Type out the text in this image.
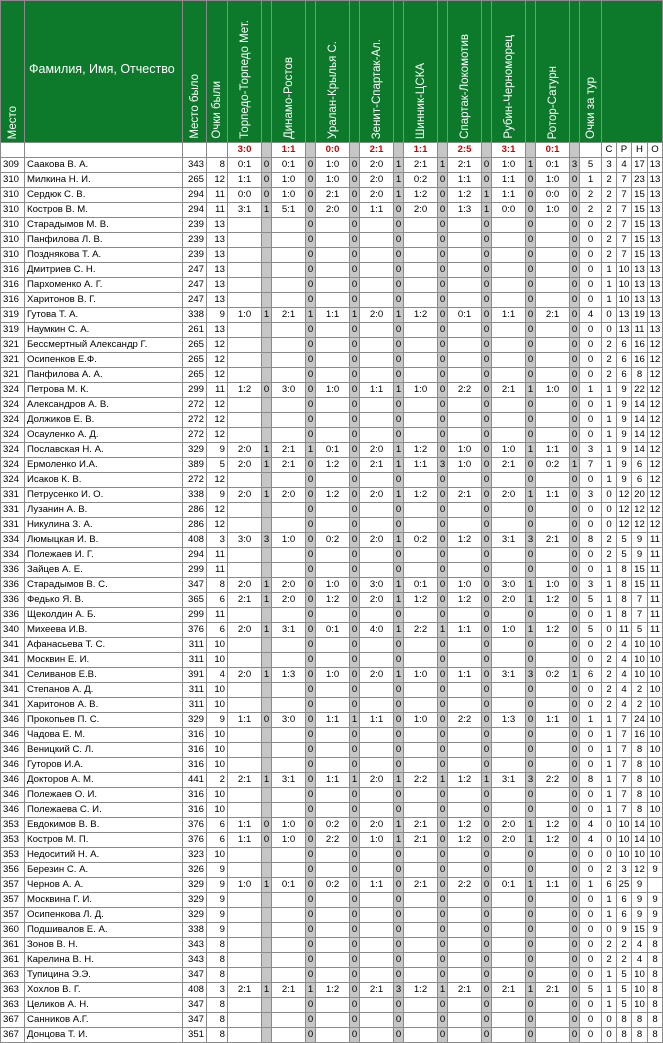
Место	Фамилия, Имя, Отчество	Место было	Очки были	Торпедо-Торпедо Мет.		Динамо-Ростов		Уралан-Крылья С.		Зенит-Спартак-Ал.		Шинник-ЦСКА		Спартак-Локомотив		Рубин-Черноморец		Ротор-Сатурн		Очки за тур				

				3:0		1:1		0:0		2:1		1:1		2:5		3:1		0:1			С	Р	Н	О
309	Саакова В. А.	343	8	0:1	0	0:1	0	1:0	0	2:0	1	2:1	1	2:1	0	1:0	1	0:1	3	5	3	4	17	13
310	Милкина Н. И.	265	12	1:1	0	1:0	0	1:0	0	2:0	1	0:2	0	1:1	0	1:1	0	1:0	0	1	2	7	23	13
310	Сердюк С. В.	294	11	0:0	0	1:0	0	2:1	0	2:0	1	1:2	0	1:2	1	1:1	0	0:0	0	2	2	7	15	13
310	Костров В. М.	294	11	3:1	1	5:1	0	2:0	0	1:1	0	2:0	0	1:3	1	0:0	0	1:0	0	2	2	7	15	13
310	Старадымов М. В.	239	13				0		0		0		0		0		0		0	0	2	7	15	13
310	Панфилова Л. В.	239	13				0		0		0		0		0		0		0	0	2	7	15	13
310	Позднякова Т. А.	239	13				0		0		0		0		0		0		0	0	2	7	15	13
316	Дмитриев С. Н.	247	13				0		0		0		0		0		0		0	0	1	10	13	13
316	Пархоменко А. Г.	247	13				0		0		0		0		0		0		0	0	1	10	13	13
316	Харитонов В. Г.	247	13				0		0		0		0		0		0		0	0	1	10	13	13
319	Гутова Т. А.	338	9	1:0	1	2:1	1	1:1	1	2:0	1	1:2	0	0:1	0	1:1	0	2:1	0	4	0	13	19	13
319	Наумкин С. А.	261	13				0		0		0		0		0		0		0	0	0	13	11	13
321	Бессмертный Александр Г.	265	12				0		0		0		0		0		0		0	0	2	6	16	12
321	Осипенков Е.Ф.	265	12				0		0		0		0		0		0		0	0	2	6	16	12
321	Панфилова А. А.	265	12				0		0		0		0		0		0		0	0	2	6	8	12
324	Петрова М. К.	299	11	1:2	0	3:0	0	1:0	0	1:1	1	1:0	0	2:2	0	2:1	1	1:0	0	1	1	9	22	12
324	Александров А. В.	272	12				0		0		0		0		0		0		0	0	1	9	14	12
324	Должиков Е. В.	272	12				0		0		0		0		0		0		0	0	1	9	14	12
324	Осауленко А. Д.	272	12				0		0		0		0		0		0		0	0	1	9	14	12
324	Пославская Н. А.	329	9	2:0	1	2:1	1	0:1	0	2:0	1	1:2	0	1:0	0	1:0	1	1:1	0	3	1	9	14	12
324	Ермоленко И.А.	389	5	2:0	1	2:1	0	1:2	0	2:1	1	1:1	3	1:0	0	2:1	0	0:2	1	7	1	9	6	12
324	Исаков К. В.	272	12				0		0		0		0		0		0		0	0	1	9	6	12
331	Петрусенко И. О.	338	9	2:0	1	2:0	0	1:2	0	2:0	1	1:2	0	2:1	0	2:0	1	1:1	0	3	0	12	20	12
331	Лузанин А. В.	286	12				0		0		0		0		0		0		0	0	0	12	12	12
331	Никулина З. А.	286	12				0		0		0		0		0		0		0	0	0	12	12	12
334	Люмыцкая И. В.	408	3	3:0	3	1:0	0	0:2	0	2:0	1	0:2	0	1:2	0	3:1	3	2:1	0	8	2	5	9	11
334	Полежаев И. Г.	294	11				0		0		0		0		0		0		0	0	2	5	9	11
336	Зайцев А. Е.	299	11				0		0		0		0		0		0		0	0	1	8	15	11
336	Старадымов В. С.	347	8	2:0	1	2:0	0	1:0	0	3:0	1	0:1	0	1:0	0	3:0	1	1:0	0	3	1	8	15	11
336	Федько Я. В.	365	6	2:1	1	2:0	0	1:2	0	2:0	1	1:2	0	1:2	0	2:0	1	1:2	0	5	1	8	7	11
336	Щеколдин А. Б.	299	11				0		0		0		0		0		0		0	0	1	8	7	11
340	Михеева И.В.	376	6	2:0	1	3:1	0	0:1	0	4:0	1	2:2	1	1:1	0	1:0	1	1:2	0	5	0	11	5	11
341	Афанасьева Т. С.	311	10				0		0		0		0		0		0		0	0	2	4	10	10
341	Москвин Е. И.	311	10				0		0		0		0		0		0		0	0	2	4	10	10
341	Селиванов Е.В.	391	4	2:0	1	1:3	0	1:0	0	2:0	1	1:0	0	1:1	0	3:1	3	0:2	1	6	2	4	10	10
341	Степанов А. Д.	311	10				0		0		0		0		0		0		0	0	2	4	2	10
341	Харитонов А. В.	311	10				0		0		0		0		0		0		0	0	2	4	2	10
346	Прокопьев П. С.	329	9	1:1	0	3:0	0	1:1	1	1:1	0	1:0	0	2:2	0	1:3	0	1:1	0	1	1	7	24	10
346	Чадова Е. М.	316	10				0		0		0		0		0		0		0	0	1	7	16	10
346	Веницкий С. Л.	316	10				0		0		0		0		0		0		0	0	1	7	8	10
346	Гуторов И.А.	316	10				0		0		0		0		0		0		0	0	1	7	8	10
346	Докторов А. М.	441	2	2:1	1	3:1	0	1:1	1	2:0	1	2:2	1	1:2	1	3:1	3	2:2	0	8	1	7	8	10
346	Полежаев О. И.	316	10				0		0		0		0		0		0		0	0	1	7	8	10
346	Полежаева С. И.	316	10				0		0		0		0		0		0		0	0	1	7	8	10
353	Евдокимов В. В.	376	6	1:1	0	1:0	0	0:2	0	2:0	1	2:1	0	1:2	0	2:0	1	1:2	0	4	0	10	14	10
353	Костров М. П.	376	6	1:1	0	1:0	0	2:2	0	1:0	1	2:1	0	1:2	0	2:0	1	1:2	0	4	0	10	14	10
353	Недоситий Н. А.	323	10				0		0		0		0		0		0		0	0	0	10	10	10
356	Березин С. А.	326	9				0		0		0		0		0		0		0	0	2	3	12	9
357	Чернов А. А.	329	9	1:0	1	0:1	0	0:2	0	1:1	0	2:1	0	2:2	0	0:1	1	1:1	0	1	6	25	9	
357	Москвина Г. И.	329	9				0		0		0		0		0		0		0	0	1	6	9	9
357	Осипенкова Л. Д.	329	9				0		0		0		0		0		0		0	0	1	6	9	9
360	Подшивалов Е. А.	338	9				0		0		0		0		0		0		0	0	0	9	15	9
361	Зонов В. Н.	343	8				0		0		0		0		0		0		0	0	2	2	4	8
361	Карелина В. Н.	343	8				0		0		0		0		0		0		0	0	2	2	4	8
363	Тупицина Э.Э.	347	8				0		0		0		0		0		0		0	0	1	5	10	8
363	Хохлов В. Г.	408	3	2:1	1	2:1	1	1:2	0	2:1	3	1:2	1	2:1	0	2:1	1	2:1	0	5	1	5	10	8
363	Целиков А. Н.	347	8				0		0		0		0		0		0		0	0	1	5	10	8
367	Санников А.Г.	347	8				0		0		0		0		0		0		0	0	0	8	8	8
367	Донцова Т. И.	351	8				0		0		0		0		0		0		0	0	0	8	8	8
